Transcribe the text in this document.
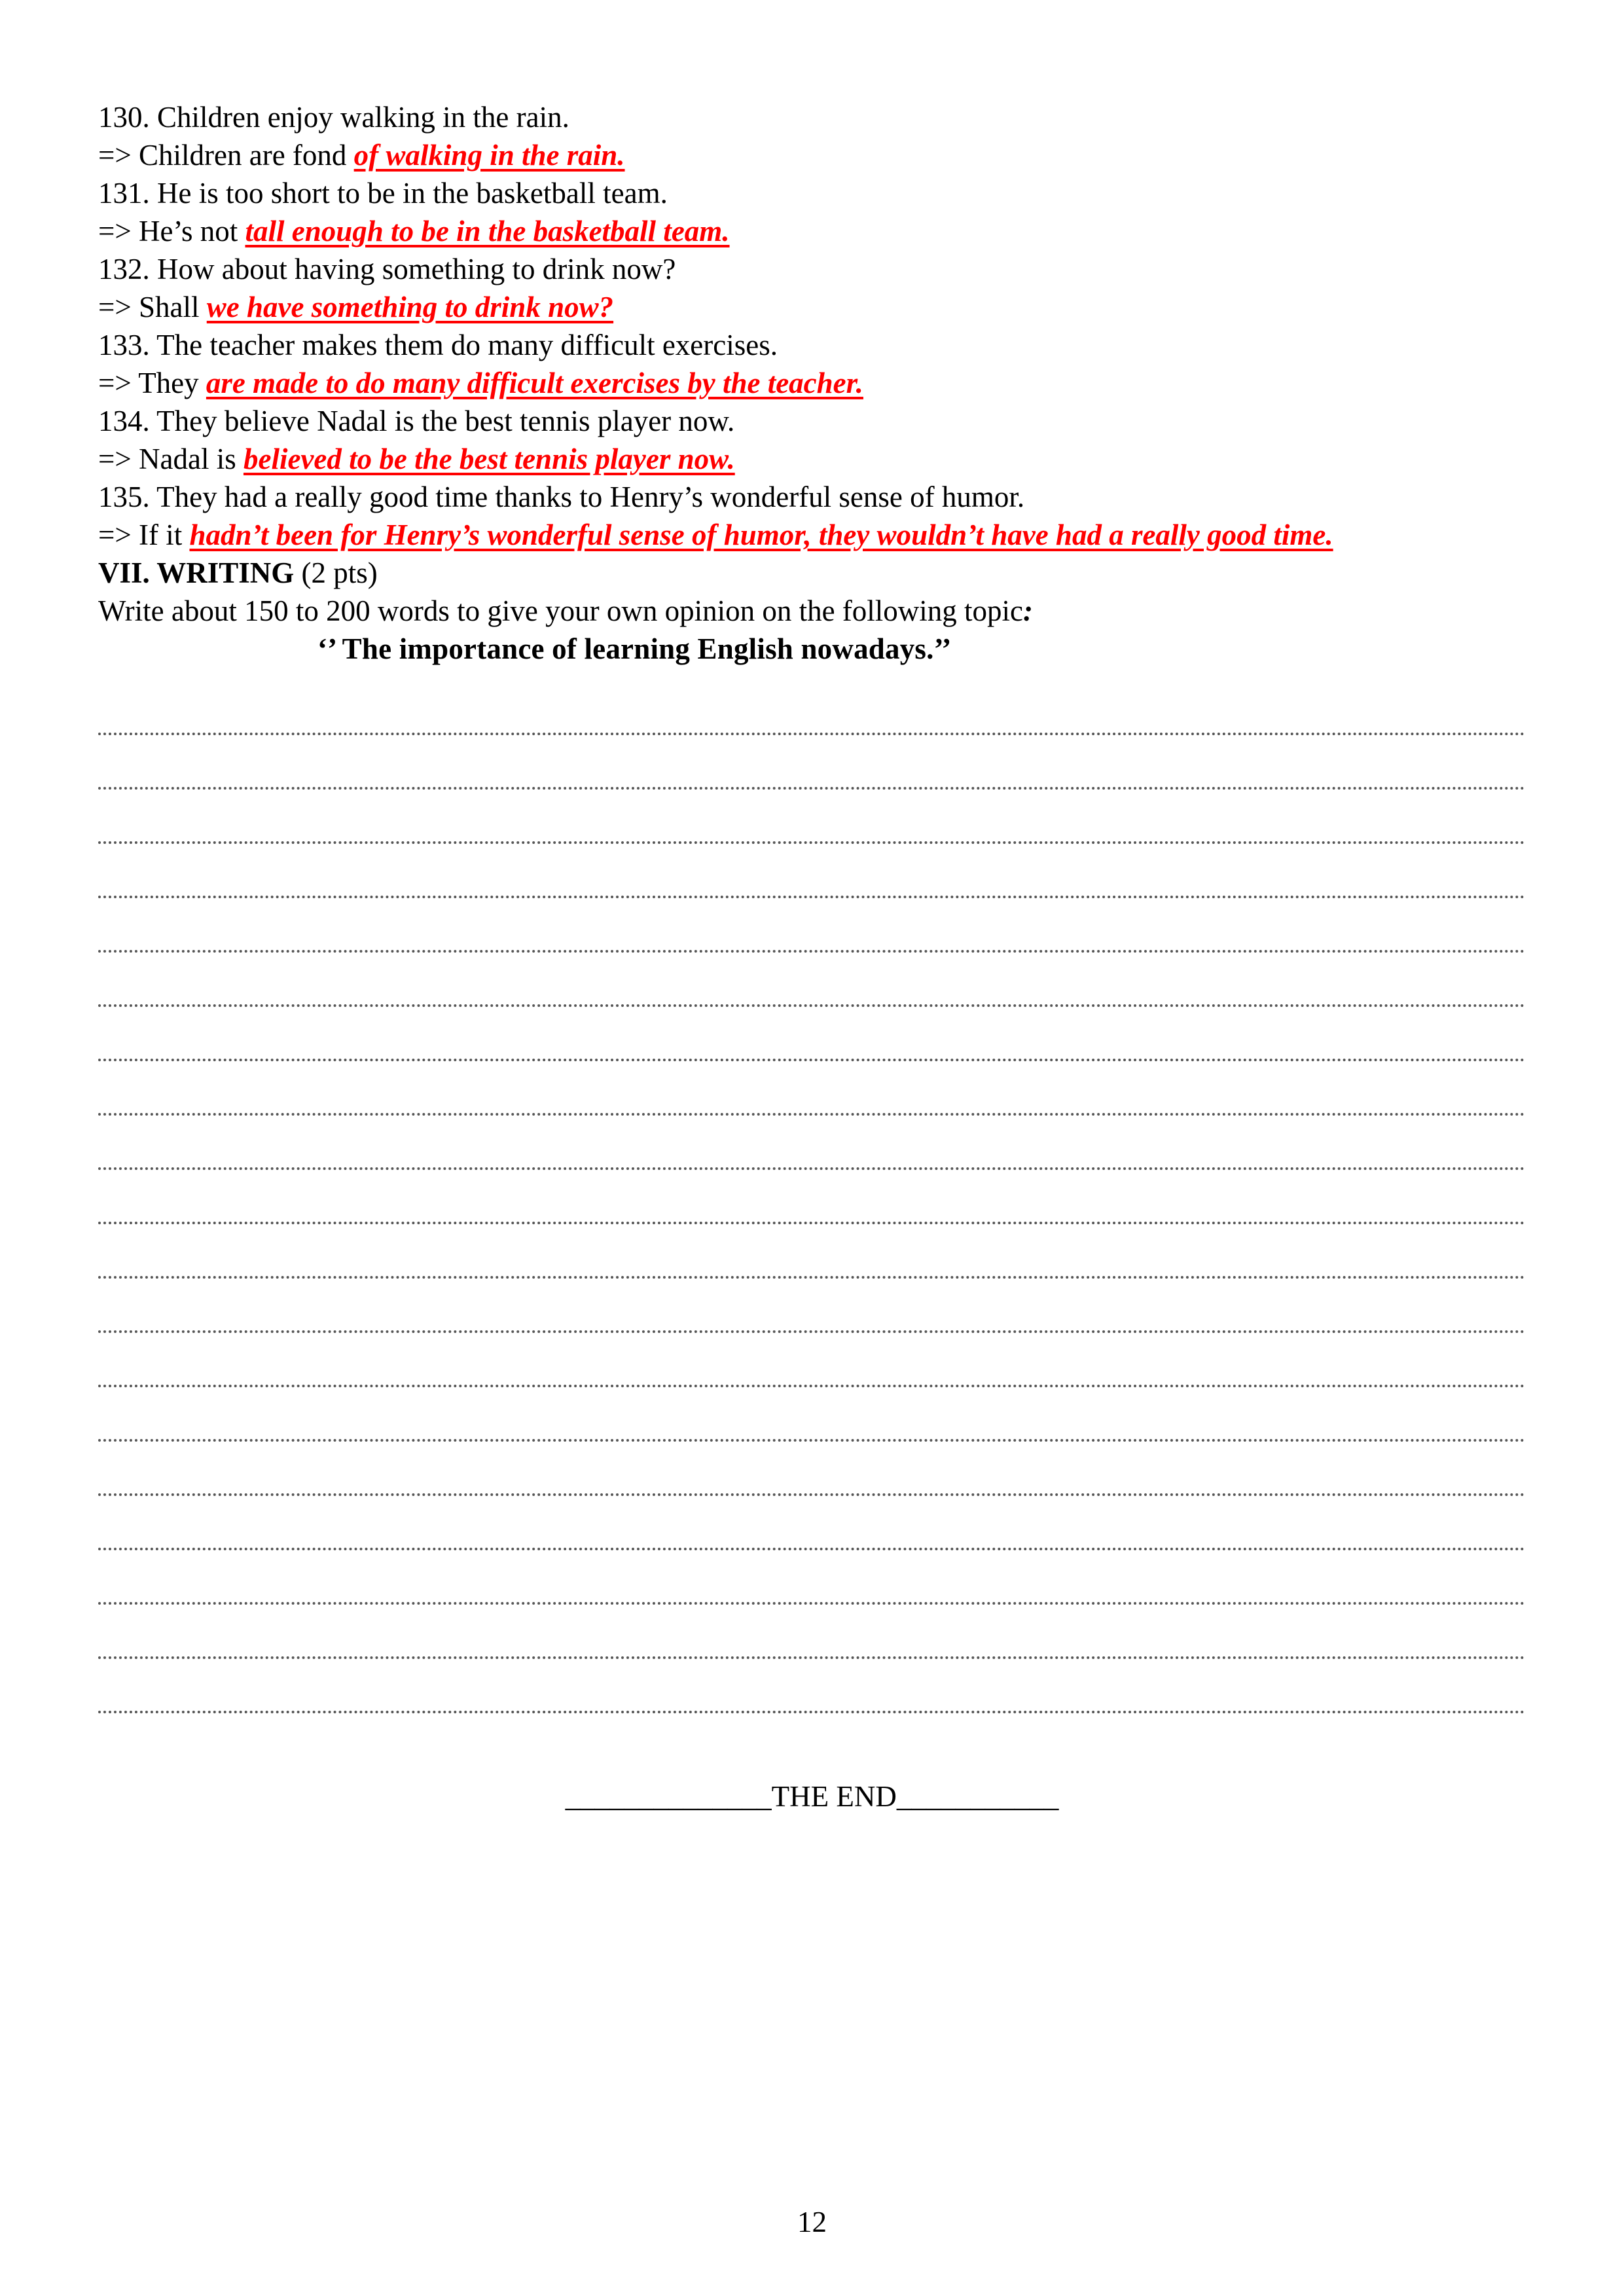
130. Children enjoy walking in the rain.
=> Children are fond of walking in the rain.
131. He is too short to be in the basketball team.
=> He’s not tall enough to be in the basketball team.
132. How about having something to drink now?
=> Shall we have something to drink now?
133. The teacher makes them do many difficult exercises.
=> They are made to do many difficult exercises by the teacher.
134. They believe Nadal is the best tennis player now.
=> Nadal is believed to be the best tennis player now.
135. They had a really good time thanks to Henry’s wonderful sense of humor.
=> If it hadn’t been for Henry’s wonderful sense of humor, they wouldn’t have had a really good time.
VII. WRITING (2 pts)
Write about 150 to 200 words to give your own opinion on the following topic:
‘’ The importance of learning English nowadays.’’
______________THE END___________
12
